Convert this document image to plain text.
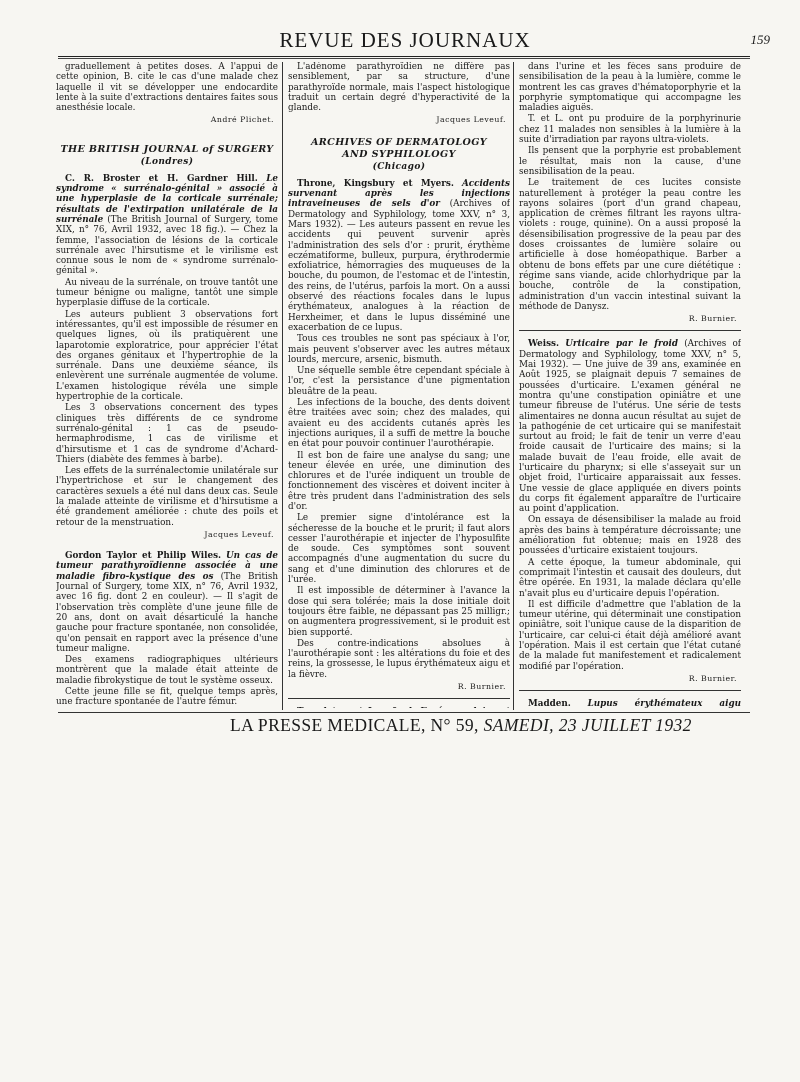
REVUE DES JOURNAUX	159

graduellement à petites doses. A l'appui de cette opinion, B. cite le cas d'une malade chez laquelle il vit se développer une endocardite lente à la suite d'extractions dentaires faites sous anesthésie locale.

André Plichet.
THE BRITISH JOURNAL of SURGERY
(Londres)

C. R. Broster et H. Gardner Hill. Le syndrome « surrénalo-génital » associé à une hyperplasie de la corticale surrénale; résultats de l'extirpation unilatérale de la surrénale (The British Journal of Surgery, tome XIX, n° 76, Avril 1932, avec 18 fig.). — Chez la femme, l'association de lésions de la corticale surrénale avec l'hirsutisme et le virilisme est connue sous le nom de « syndrome surrénalo-génital ».

Au niveau de la surrénale, on trouve tantôt une tumeur bénigne ou maligne, tantôt une simple hyperplasie diffuse de la corticale.

Les auteurs publient 3 observations fort intéressantes, qu'il est impossible de résumer en quelques lignes, où ils pratiquèrent une laparotomie exploratrice, pour apprécier l'état des organes génitaux et l'hypertrophie de la surrénale. Dans une deuxième séance, ils enlevèrent une surrénale augmentée de volume. L'examen histologique révéla une simple hypertrophie de la corticale.

Les 3 observations concernent des types cliniques très différents de ce syndrome surrénalo-génital : 1 cas de pseudo-hermaphrodisme, 1 cas de virilisme et d'hirsutisme et 1 cas de syndrome d'Achard-Thiers (diabète des femmes à barbe).

Les effets de la surrénalectomie unilatérale sur l'hypertrichose et sur le changement des caractères sexuels a été nul dans deux cas. Seule la malade atteinte de virilisme et d'hirsutisme a été grandement améliorée : chute des poils et retour de la menstruation.

Jacques Leveuf.

Gordon Taylor et Philip Wiles. Un cas de tumeur parathyroïdienne associée à une maladie fibro-kystique des os (The British Journal of Surgery, tome XIX, n° 76, Avril 1932, avec 16 fig. dont 2 en couleur). — Il s'agit de l'observation très complète d'une jeune fille de 20 ans, dont on avait désarticulé la hanche gauche pour fracture spontanée, non consolidée, qu'on pensait en rapport avec la présence d'une tumeur maligne.

Des examens radiographiques ultérieurs montrèrent que la malade était atteinte de maladie fibrokystique de tout le système osseux.

Cette jeune fille se fit, quelque temps après, une fracture spontanée de l'autre fémur.

L'adénome parathyroïdien ne diffère pas sensiblement, par sa structure, d'une parathyroïde normale, mais l'aspect histologique traduit un certain degré d'hyperactivité de la glande.

Jacques Leveuf.
ARCHIVES OF DERMATOLOGY
AND SYPHILOLOGY
(Chicago)

Throne, Kingsbury et Myers. Accidents survenant après les injections intraveineuses de sels d'or (Archives of Dermatology and Syphilology, tome XXV, n° 3, Mars 1932). — Les auteurs passent en revue les accidents qui peuvent survenir après l'administration des sels d'or : prurit, érythème eczématiforme, bulleux, purpura, érythrodermie exfoliatrice, hémorragies des muqueuses de la bouche, du poumon, de l'estomac et de l'intestin, des reins, de l'utérus, parfois la mort. On a aussi observé des réactions focales dans le lupus érythémateux, analogues à la réaction de Herxheimer, et dans le lupus disséminé une exacerbation de ce lupus.

Tous ces troubles ne sont pas spéciaux à l'or, mais peuvent s'observer avec les autres métaux lourds, mercure, arsenic, bismuth.

Une séquelle semble être cependant spéciale à l'or, c'est la persistance d'une pigmentation bleuâtre de la peau.

Les infections de la bouche, des dents doivent être traitées avec soin; chez des malades, qui avaient eu des accidents cutanés après les injections auriques, il a suffi de mettre la bouche en état pour pouvoir continuer l'aurothérapie.

Il est bon de faire une analyse du sang; une teneur élevée en urée, une diminution des chlorures et de l'urée indiquent un trouble de fonctionnement des viscères et doivent inciter à être très prudent dans l'administration des sels d'or.

Le premier signe d'intolérance est la sécheresse de la bouche et le prurit; il faut alors cesser l'aurothérapie et injecter de l'hyposulfite de soude. Ces symptômes sont souvent accompagnés d'une augmentation du sucre du sang et d'une diminution des chlorures et de l'urée.

Il est impossible de déterminer à l'avance la dose qui sera tolérée; mais la dose initiale doit toujours être faible, ne dépassant pas 25 milligr.; on augmentera progressivement, si le produit est bien supporté.

Des contre-indications absolues à l'aurothérapie sont : les altérations du foie et des reins, la grossesse, le lupus érythémateux aigu et la fièvre.

R. Burnier.

dans l'urine et les fèces sans produire de sensibilisation de la peau à la lumière, comme le montrent les cas graves d'hématoporphyrie et la porphyrie symptomatique qui accompagne les maladies aiguës.

T. et L. ont pu produire de la porphyrinurie chez 11 malades non sensibles à la lumière à la suite d'irradiation par rayons ultra-violets.

Ils pensent que la porphyrie est probablement le résultat, mais non la cause, d'une sensibilisation de la peau.

Le traitement de ces lucites consiste naturellement à protéger la peau contre les rayons solaires (port d'un grand chapeau, application de crèmes filtrant les rayons ultra-violets : rouge, quinine). On a aussi proposé la désensibilisation progressive de la peau par des doses croissantes de lumière solaire ou artificielle à dose homéopathique. Barber a obtenu de bons effets par une cure diététique : régime sans viande, acide chlorhydrique par la bouche, contrôle de la constipation, administration d'un vaccin intestinal suivant la méthode de Danysz.

R. Burnier.

Weiss. Urticaire par le froid (Archives of Dermatology and Syphilology, tome XXV, n° 5, Mai 1932). — Une juive de 39 ans, examinée en Août 1925, se plaignait depuis 7 semaines de poussées d'urticaire. L'examen général ne montra qu'une constipation opiniâtre et une tumeur fibreuse de l'utérus. Une série de tests alimentaires ne donna aucun résultat au sujet de la pathogénie de cet urticaire qui se manifestait surtout au froid; le fait de tenir un verre d'eau froide causait de l'urticaire des mains; si la malade buvait de l'eau froide, elle avait de l'urticaire du pharynx; si elle s'asseyait sur un objet froid, l'urticaire apparaissait aux fesses. Une vessie de glace appliquée en divers points du corps fit également apparaître de l'urticaire au point d'application.

On essaya de désensibiliser la malade au froid après des bains à température décroissante; une amélioration fut obtenue; mais en 1928 des poussées d'urticaire existaient toujours.

A cette époque, la tumeur abdominale, qui comprimait l'intestin et causait des douleurs, dut être opérée. En 1931, la malade déclara qu'elle n'avait plus eu d'urticaire depuis l'opération.

Il est difficile d'admettre que l'ablation de la tumeur utérine, qui déterminait une constipation opiniâtre, soit l'unique cause de la disparition de l'urticaire, car celui-ci était déjà amélioré avant l'opération. Mais il est certain que l'état cutané de la malade fut manifestement et radicalement modifié par l'opération.

R. Burnier.

Madden. Lupus érythémateux aigu

LA PRESSE MEDICALE, N° 59, SAMEDI, 23 JUILLET 1932
